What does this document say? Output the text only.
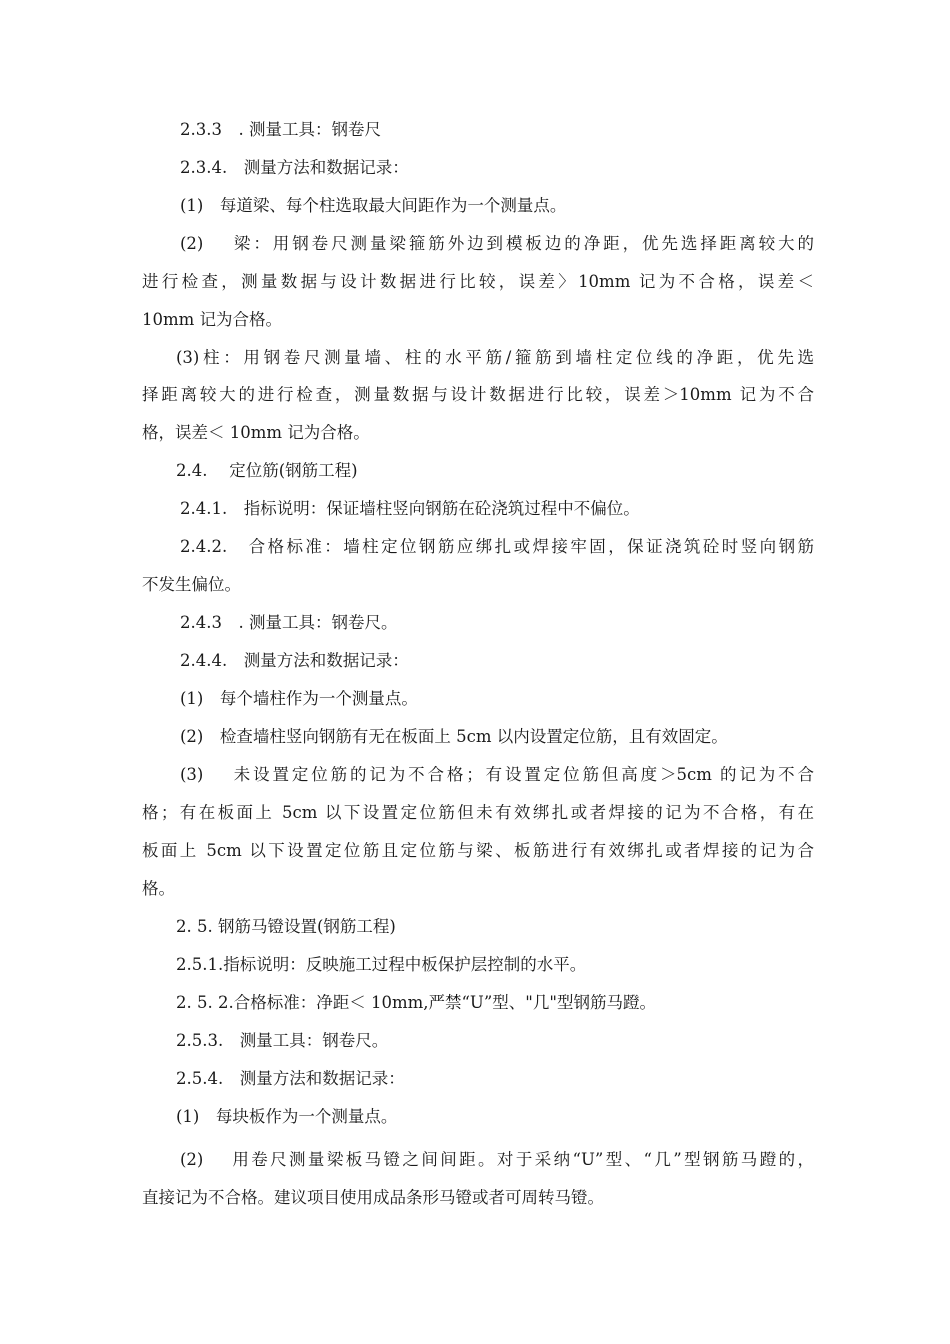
2.3.3　. 测量工具：钢卷尺
2.3.4.　测量方法和数据记录：
(1)　每道梁、每个柱选取最大间距作为一个测量点。
(2)　 梁：用钢卷尺测量梁箍筋外边到模板边的净距，优先选择距离较大的
进行检查，测量数据与设计数据进行比较，误差〉10mm 记为不合格，误差＜
10mm 记为合格。
(3)柱：用钢卷尺测量墙、柱的水平筋/箍筋到墙柱定位线的净距，优先选
择距离较大的进行检查，测量数据与设计数据进行比较，误差＞10mm 记为不合
格，误差＜ 10mm 记为合格。
2.4.　 定位筋(钢筋工程)
2.4.1.　指标说明：保证墙柱竖向钢筋在砼浇筑过程中不偏位。
2.4.2.　合格标准：墙柱定位钢筋应绑扎或焊接牢固，保证浇筑砼时竖向钢筋
不发生偏位。
2.4.3　. 测量工具：钢卷尺。
2.4.4.　测量方法和数据记录：
(1)　每个墙柱作为一个测量点。
(2)　检查墙柱竖向钢筋有无在板面上 5cm 以内设置定位筋，且有效固定。
(3)　 未设置定位筋的记为不合格；有设置定位筋但高度＞5cm 的记为不合
格；有在板面上 5cm 以下设置定位筋但未有效绑扎或者焊接的记为不合格，有在
板面上 5cm 以下设置定位筋且定位筋与梁、板筋进行有效绑扎或者焊接的记为合
格。
2. 5. 钢筋马镫设置(钢筋工程)
2.5.1.指标说明：反映施工过程中板保护层控制的水平。
2. 5. 2.合格标准：净距＜ 10mm,严禁“U”型、"几"型钢筋马蹬。
2.5.3.　测量工具：钢卷尺。
2.5.4.　测量方法和数据记录：
(1)　每块板作为一个测量点。
(2)　 用卷尺测量梁板马镫之间间距。对于采纳“U”型、“几”型钢筋马蹬的，
直接记为不合格。建议项目使用成品条形马镫或者可周转马镫。
